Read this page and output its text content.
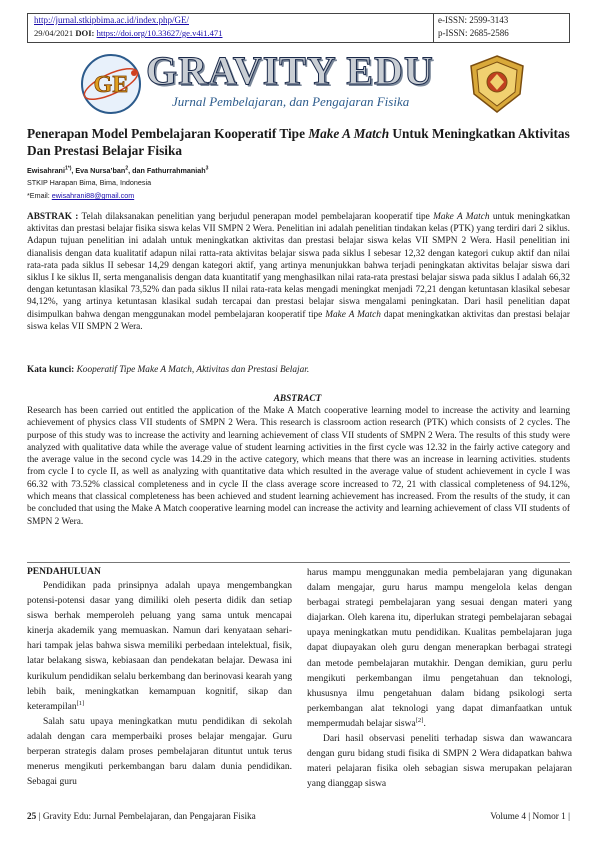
http://jurnal.stkipbima.ac.id/index.php/GE/
29/04/2021 DOI: https://doi.org/10.33627/ge.v4i1.471
e-ISSN: 2599-3143
p-ISSN: 2685-2586
GE GRAVITY EDU
Jurnal Pembelajaran, dan Pengajaran Fisika
Penerapan Model Pembelajaran Kooperatif Tipe Make A Match Untuk Meningkatkan Aktivitas Dan Prestasi Belajar Fisika
Ewisahrani$^{1*)}$, Eva Nursa’ban$^2$, dan Fathurrahmaniah$^3$
STKIP Harapan Bima, Bima, Indonesia
*Email: ewisahrani88@gmail.com
ABSTRAK : Telah dilaksanakan penelitian yang berjudul penerapan model pembelajaran kooperatif tipe Make A Match untuk meningkatkan aktivitas dan prestasi belajar fisika siswa kelas VII SMPN 2 Wera. Penelitian ini adalah penelitian tindakan kelas (PTK) yang terdiri dari 2 siklus. Adapun tujuan penelitian ini adalah untuk meningkatkan aktivitas dan prestasi belajar siswa kelas VII SMPN 2 Wera. Hasil penelitian ini dianalisis dengan data kualitatif adapun nilai ratta-rata aktivitas belajar siswa pada siklus I sebesar 12,32 dengan kategori cukup aktif dan nilai rata-rata pada siklus II sebesar 14,29 dengan kategori aktif, yang artinya menunjukkan bahwa terjadi peningkatan aktivitas belajar siswa dari siklus I ke siklus II, serta menganalisis dengan data kuantitatif yang menghasilkan nilai rata-rata prestasi belajar siswa pada siklus I adalah 66,32 dengan ketuntasan klasikal 73,52% dan pada siklus II nilai rata-rata kelas mengadi meningkat menjadi 72,21 dengan ketuntasan klasikal sebesar 94,12%, yang artinya ketuntasan klasikal sudah tercapai dan prestasi belajar siswa mengalami peningkatan. Dari hasil penelitian dapat disimpulkan bahwa dengan menggunakan model pembelajaran kooperatif tipe Make A Match dapat meningkatkan aktivitas dan prestasi belajar siswa kelas VII SMPN 2 Wera.
Kata kunci: Kooperatif Tipe Make A Match, Aktivitas dan Prestasi Belajar.
ABSTRACT
Research has been carried out entitled the application of the Make A Match cooperative learning model to increase the activity and learning achievement of physics class VII students of SMPN 2 Wera. This research is classroom action research (PTK) which consists of 2 cycles. The purpose of this study was to increase the activity and learning achievement of class VII students of SMPN 2 Wera. The results of this study were analyzed with qualitative data while the average value of student learning activities in the first cycle was 12.32 in the fairly active category and the average value in the second cycle was 14.29 in the active category, which means that there was an increase in learning activities. students from cycle I to cycle II, as well as analyzing with quantitative data which resulted in the average value of student achievement in cycle I was 66.32 with 73.52% classical completeness and in cycle II the class average score increased to 72, 21 with classical completeness of 94.12%, which means that classical completeness has been achieved and student learning achievement has increased. From the results of the study, it can be concluded that using the Make A Match cooperative learning model can increase the activity and learning achievement of class VII students of SMPN 2 Wera.
PENDAHULUAN

Pendidikan pada prinsipnya adalah upaya mengembangkan potensi-potensi dasar yang dimiliki oleh peserta didik dan setiap siswa berhak memperoleh peluang yang sama untuk mencapai kinerja akademik yang memuaskan. Namun dari kenyataan sehari-hari tampak jelas bahwa siswa memiliki perbedaan intelektual, fisik, latar belakang siswa, kebiasaan dan pendekatan belajar. Dewasa ini kurikulum pendidikan selalu berkembang dan berinovasi kearah yang lebih baik, meningkatkan kemampuan kognitif, sikap dan keterampilan[1]

Salah satu upaya meningkatkan mutu pendidikan di sekolah adalah dengan cara memperbaiki proses belajar mengajar. Guru berperan strategis dalam proses pembelajaran dituntut untuk terus menerus mengikuti perkembangan baru dalam dunia pendidikan. Sebagai guru

harus mampu menggunakan media pembelajaran yang digunakan dalam mengajar, guru harus mampu mengelola kelas dengan berbagai strategi pembelajaran yang sesuai dengan materi yang diajarkan. Oleh karena itu, diperlukan strategi pembelajaran sebagai upaya meningkatkan mutu pendidikan. Kualitas pembelajaran juga dapat diupayakan oleh guru dengan menerapkan berbagai strategi dan metode pembelajaran mutakhir. Dengan demikian, guru perlu mengikuti perkembangan ilmu pengetahuan dan teknologi, khususnya ilmu pengetahuan dalam bidang psikologi serta perkembangan alat teknologi yang dapat dimanfaatkan untuk mempermudah belajar siswa[2].

Dari hasil observasi peneliti terhadap siswa dan wawancara dengan guru bidang studi fisika di SMPN 2 Wera didapatkan bahwa materi pelajaran fisika oleh sebagian siswa merupakan pelajaran yang dianggap siswa

25 | Gravity Edu: Jurnal Pembelajaran, dan Pengajaran Fisika	Volume 4 | Nomor 1 |
